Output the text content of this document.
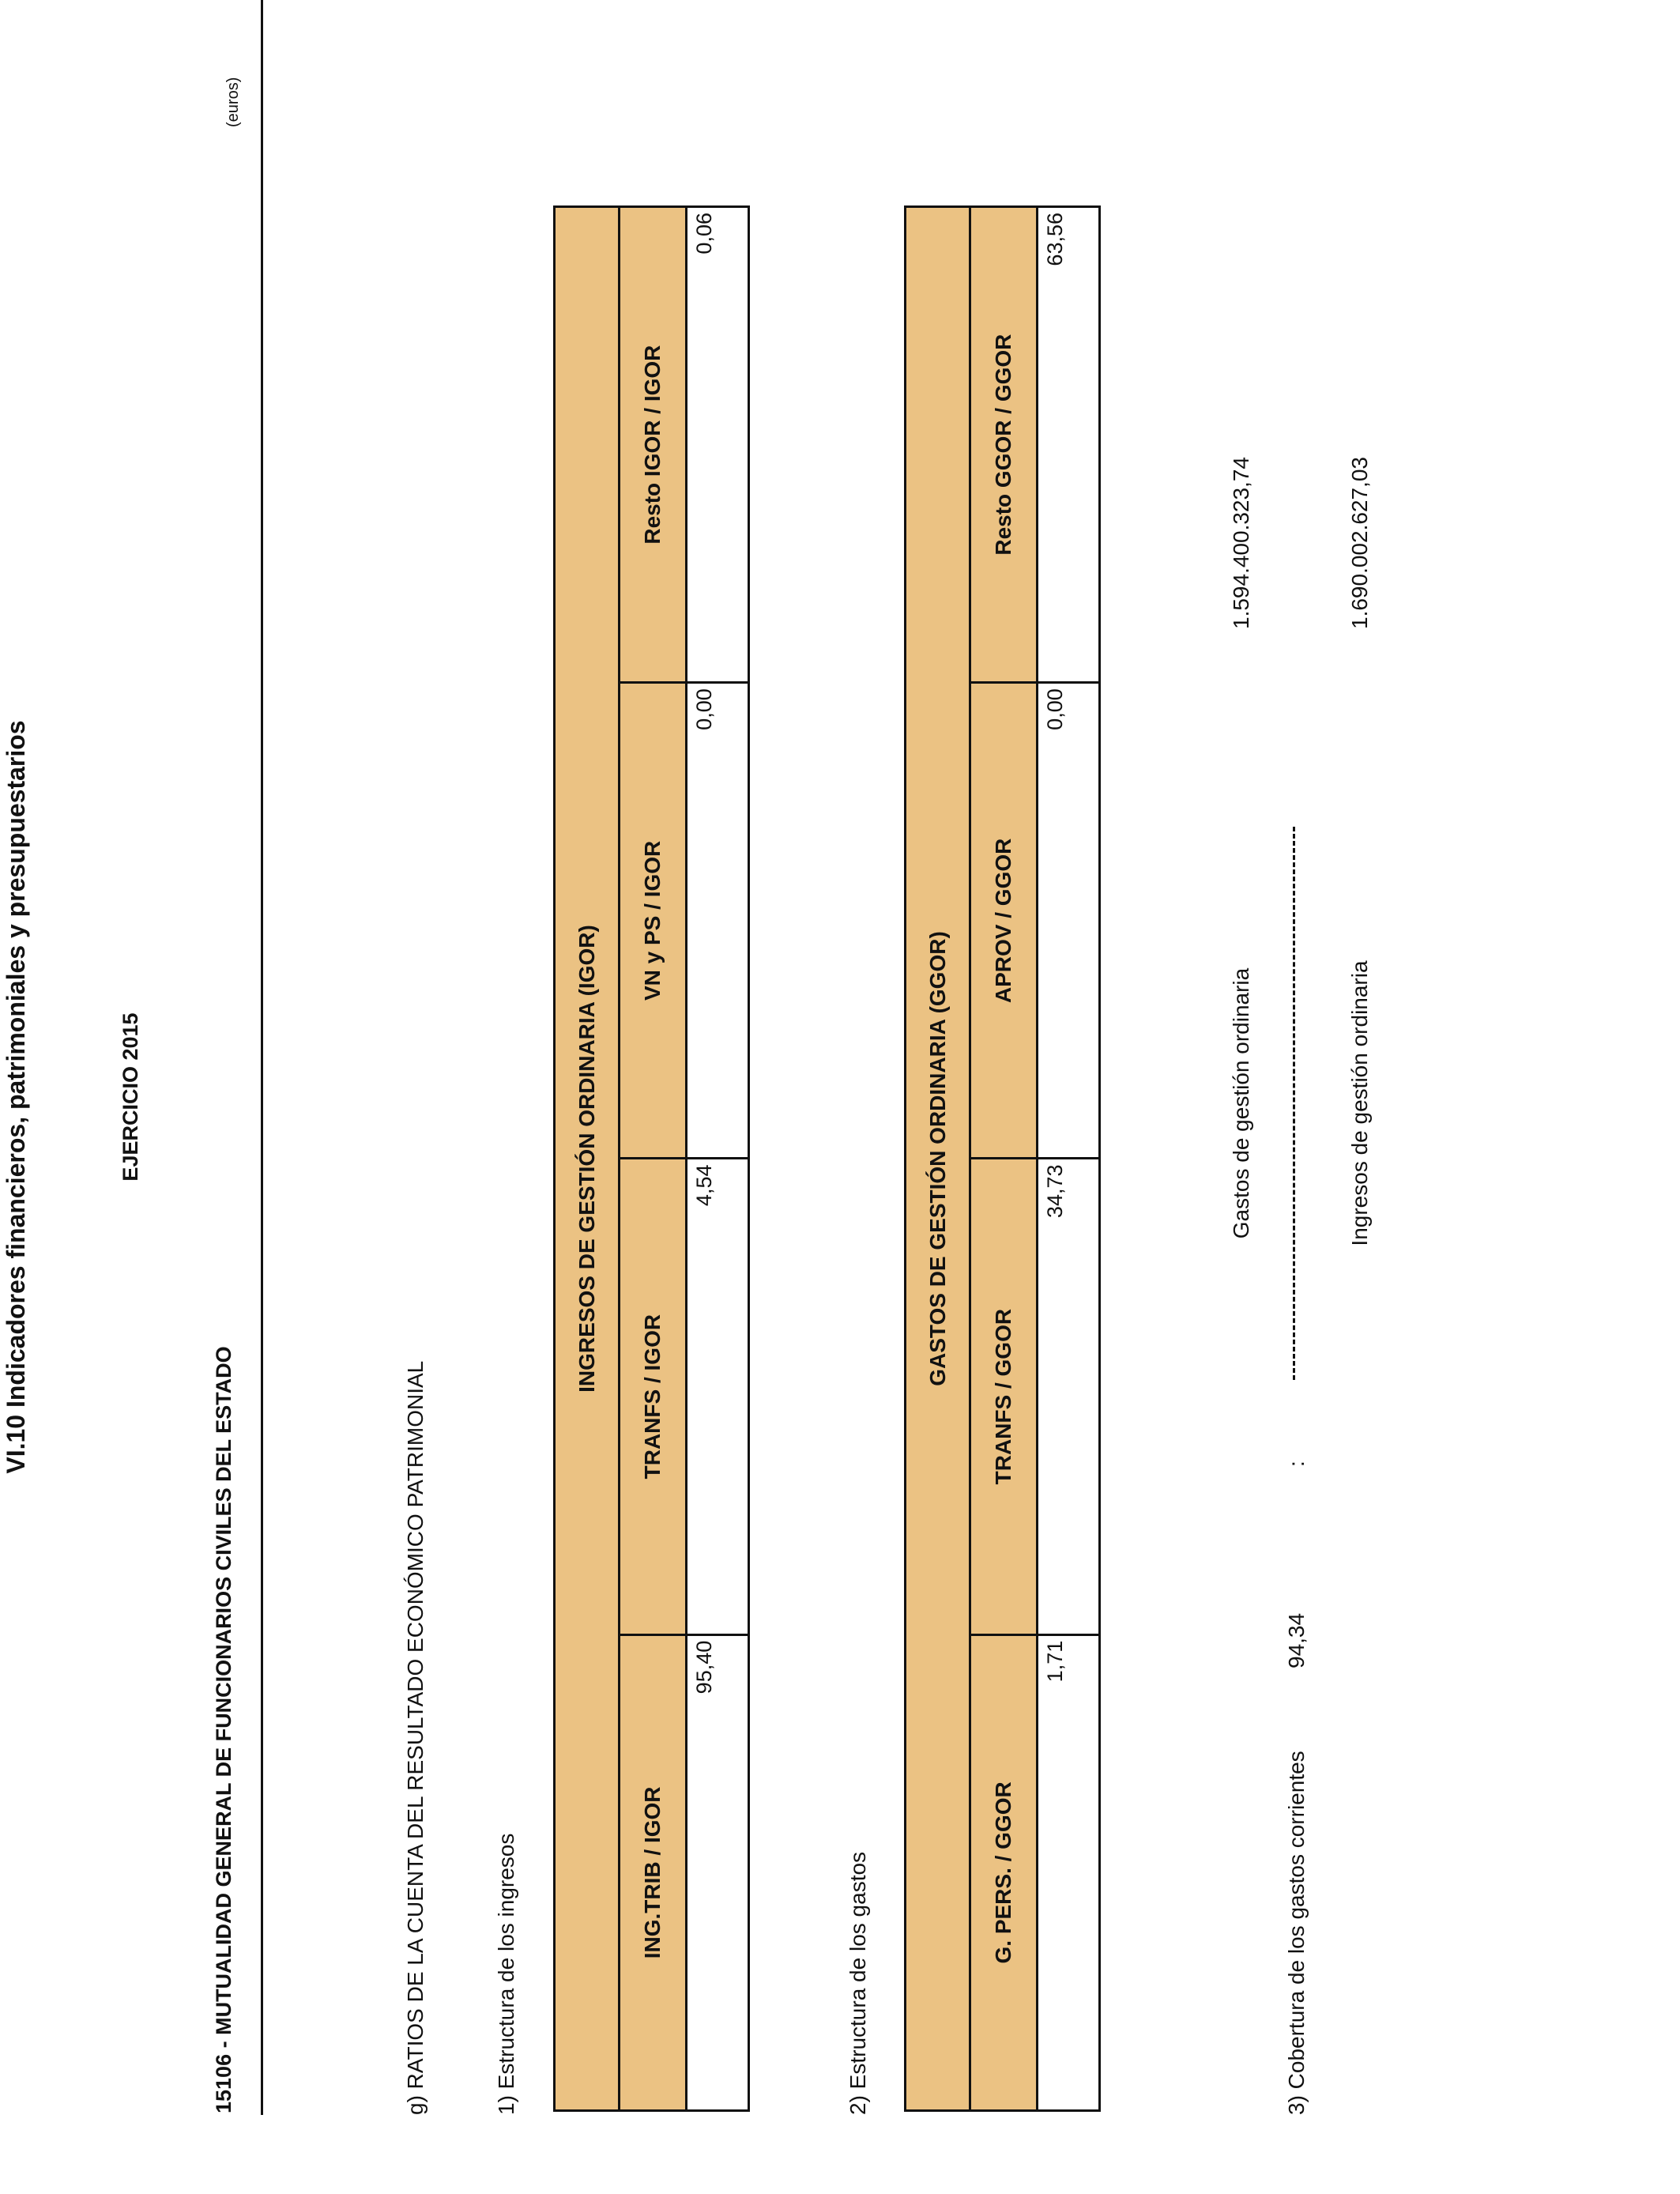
VI.10 Indicadores financieros, patrimoniales y presupuestarios	EJERCICIO 2015
15106 - MUTUALIDAD GENERAL DE FUNCIONARIOS CIVILES DEL ESTADO
(euros)
g) RATIOS DE LA CUENTA DEL RESULTADO ECONÓMICO PATRIMONIAL	1) Estructura de los ingresos
INGRESOS DE GESTIÓN ORDINARIA (IGOR)			
ING.TRIB / IGOR	TRANFS / IGOR	VN y PS / IGOR	Resto IGOR / IGOR
95,40	4,54	0,00	0,06
2) Estructura de los gastos
GASTOS DE GESTIÓN ORDINARIA (GGOR)			
G. PERS. / GGOR	TRANFS / GGOR	APROV / GGOR	Resto GGOR / GGOR
1,71	34,73	0,00	63,56
3) Cobertura de los gastos corrientes
94,34
:
Gastos de gestión ordinaria	Ingresos de gestión ordinaria
1.594.400.323,74	1.690.002.627,03
